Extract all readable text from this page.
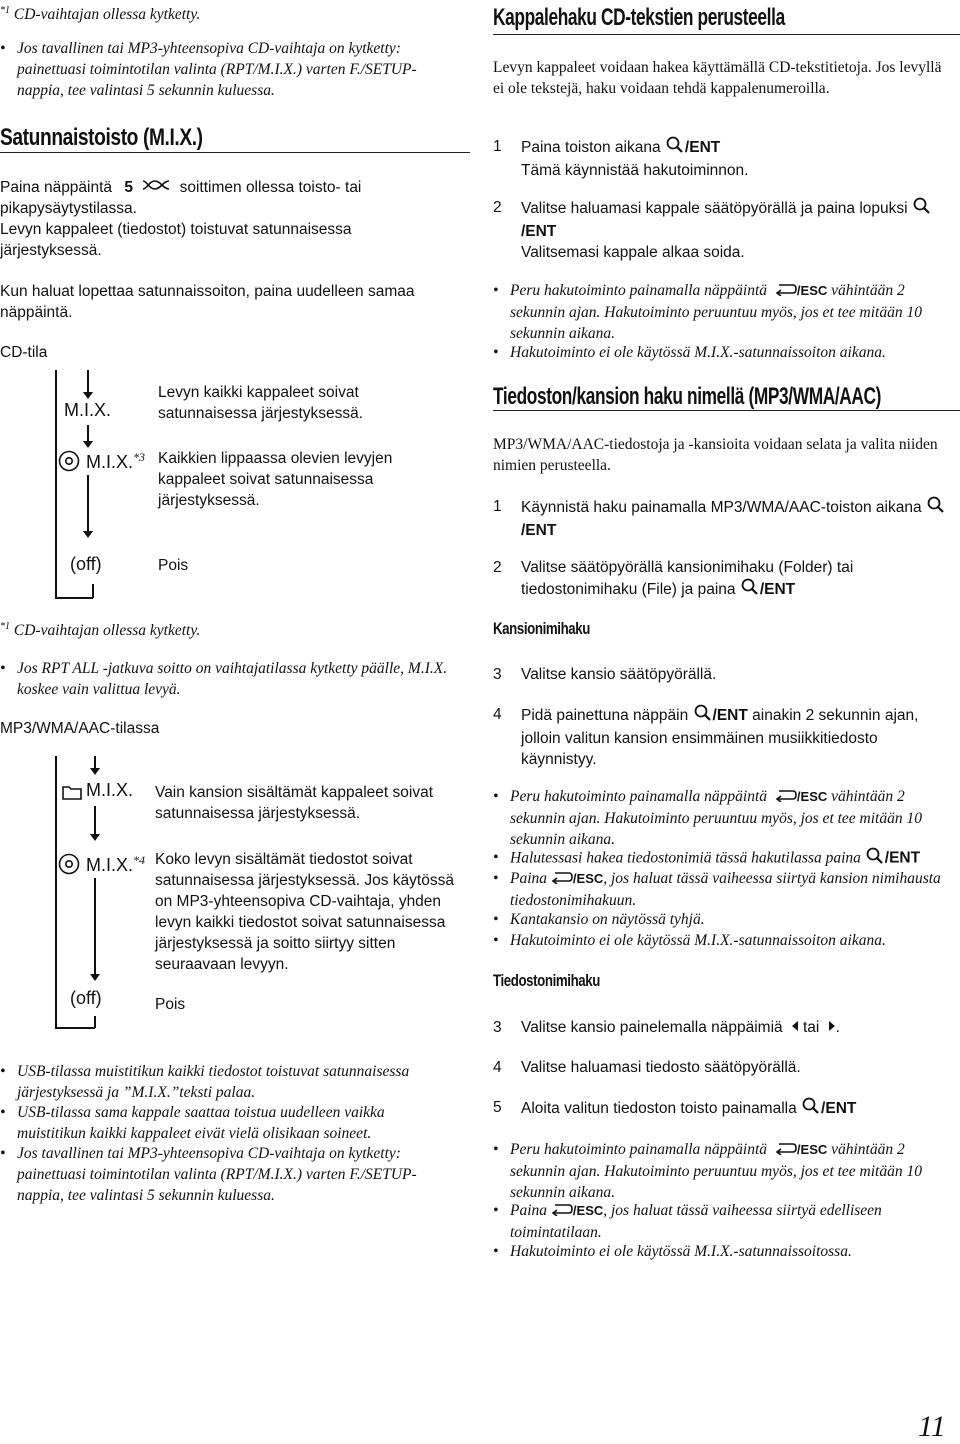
$^{*1}$ CD-vaihtajan ollessa kytketty.
• Jos tavallinen tai MP3-yhteensopiva CD-vaihtaja on kytketty: painettuasi toimintotilan valinta (RPT/M.I.X.) varten F./SETUP-nappia, tee valintasi 5 sekunnin kuluessa.
Satunnaistoisto (M.I.X.)
Paina näppäintä 5	soittimen ollessa toisto- tai pikapysäytystilassa.
Levyn kappaleet (tiedostot) toistuvat satunnaisessa järjestyksessä.
Kun haluat lopettaa satunnaissoiton, paina uudelleen samaa näppäintä.
CD-tila
M.I.X.
M.I.X.$^{*3}$
(off)
Levyn kaikki kappaleet soivat satunnaisessa järjestyksessä.
Kaikkien lippaassa olevien levyjen kappaleet soivat satunnaisessa järjestyksessä.
Pois
$^{*1}$ CD-vaihtajan ollessa kytketty.
• Jos RPT ALL -jatkuva soitto on vaihtajatilassa kytketty päälle, M.I.X. koskee vain valittua levyä.
MP3/WMA/AAC-tilassa
M.I.X.
M.I.X.$^{*4}$
(off)
Vain kansion sisältämät kappaleet soivat satunnaisessa järjestyksessä.
Koko levyn sisältämät tiedostot soivat satunnaisessa järjestyksessä. Jos käytössä on MP3-yhteensopiva CD-vaihtaja, yhden levyn kaikki tiedostot soivat satunnaisessa järjestyksessä ja soitto siirtyy sitten seuraavaan levyyn.
Pois
• USB-tilassa muistitikun kaikki tiedostot toistuvat satunnaisessa järjestyksessä ja ”M.I.X.”teksti palaa.
• USB-tilassa sama kappale saattaa toistua uudelleen vaikka muistitikun kaikki kappaleet eivät vielä olisikaan soineet.
• Jos tavallinen tai MP3-yhteensopiva CD-vaihtaja on kytketty: painettuasi toimintotilan valinta (RPT/M.I.X.) varten F./SETUP-nappia, tee valintasi 5 sekunnin kuluessa.
Kappalehaku CD-tekstien perusteella
Levyn kappaleet voidaan hakea käyttämällä CD-tekstitietoja. Jos levyllä ei ole tekstejä, haku voidaan tehdä kappalenumeroilla.
1 Paina toiston aikana /ENT
Tämä käynnistää hakutoiminnon.
2 Valitse haluamasi kappale säätöpyörällä ja paina lopuksi /ENT
Valitsemasi kappale alkaa soida.
• Peru hakutoiminto painamalla näppäintä /ESC vähintään 2 sekunnin ajan. Hakutoiminto peruuntuu myös, jos et tee mitään 10 sekunnin aikana.
• Hakutoiminto ei ole käytössä M.I.X.-satunnaissoiton aikana.
Tiedoston/kansion haku nimellä (MP3/WMA/AAC)
MP3/WMA/AAC-tiedostoja ja -kansioita voidaan selata ja valita niiden nimien perusteella.
1 Käynnistä haku painamalla MP3/WMA/AAC-toiston aikana /ENT
2 Valitse säätöpyörällä kansionimihaku (Folder) tai tiedostonimihaku (File) ja paina /ENT
Kansionimihaku
3 Valitse kansio säätöpyörällä.
4 Pidä painettuna näppäin /ENT ainakin 2 sekunnin ajan, jolloin valitun kansion ensimmäinen musiikkitiedosto käynnistyy.
• Peru hakutoiminto painamalla näppäintä /ESC vähintään 2 sekunnin ajan. Hakutoiminto peruuntuu myös, jos et tee mitään 10 sekunnin aikana.
• Halutessasi hakea tiedostonimiä tässä hakutilassa paina /ENT
• Paina /ESC, jos haluat tässä vaiheessa siirtyä kansion nimihausta tiedostonimihakuun.
• Kantakansio on näytössä tyhjä.
• Hakutoiminto ei ole käytössä M.I.X.-satunnaissoiton aikana.
Tiedostonimihaku
3 Valitse kansio painelemalla näppäimiä tai .
4 Valitse haluamasi tiedosto säätöpyörällä.
5 Aloita valitun tiedoston toisto painamalla /ENT
• Peru hakutoiminto painamalla näppäintä /ESC vähintään 2 sekunnin ajan. Hakutoiminto peruuntuu myös, jos et tee mitään 10 sekunnin aikana.
• Paina /ESC, jos haluat tässä vaiheessa siirtyä edelliseen toimintatilaan.
• Hakutoiminto ei ole käytössä M.I.X.-satunnaissoitossa.
11
